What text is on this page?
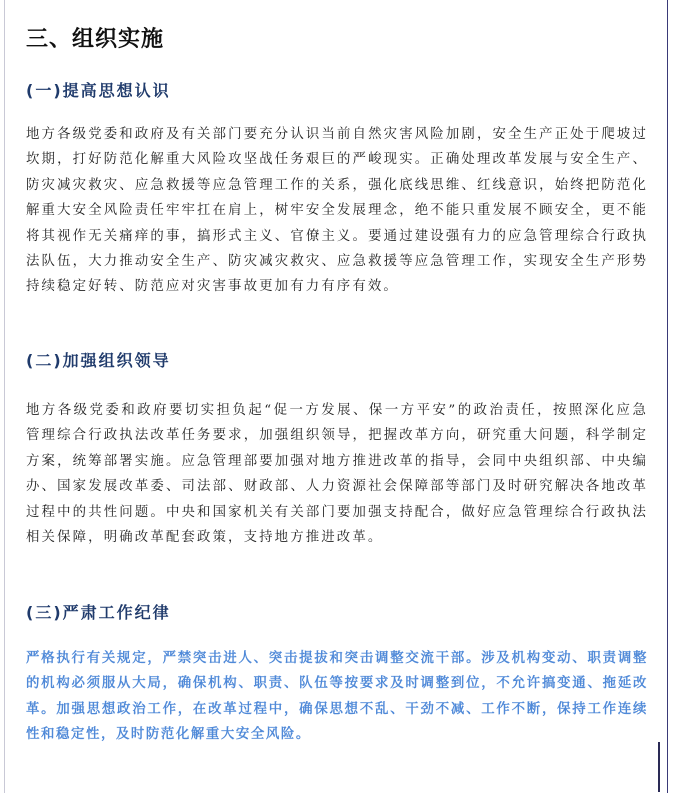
三、组织实施
(一)提高思想认识

地方各级党委和政府及有关部门要充分认识当前自然灾害风险加剧，安全生产正处于爬坡过坎期，打好防范化解重大风险攻坚战任务艰巨的严峻现实。正确处理改革发展与安全生产、防灾减灾救灾、应急救援等应急管理工作的关系，强化底线思维、红线意识，始终把防范化解重大安全风险责任牢牢扛在肩上，树牢安全发展理念，绝不能只重发展不顾安全，更不能将其视作无关痛痒的事，搞形式主义、官僚主义。要通过建设强有力的应急管理综合行政执法队伍，大力推动安全生产、防灾减灾救灾、应急救援等应急管理工作，实现安全生产形势持续稳定好转、防范应对灾害事故更加有力有序有效。

(二)加强组织领导

地方各级党委和政府要切实担负起“促一方发展、保一方平安”的政治责任，按照深化应急管理综合行政执法改革任务要求，加强组织领导，把握改革方向，研究重大问题，科学制定方案，统筹部署实施。应急管理部要加强对地方推进改革的指导，会同中央组织部、中央编办、国家发展改革委、司法部、财政部、人力资源社会保障部等部门及时研究解决各地改革过程中的共性问题。中央和国家机关有关部门要加强支持配合，做好应急管理综合行政执法相关保障，明确改革配套政策，支持地方推进改革。

(三)严肃工作纪律

严格执行有关规定，严禁突击进人、突击提拔和突击调整交流干部。涉及机构变动、职责调整的机构必须服从大局，确保机构、职责、队伍等按要求及时调整到位，不允许搞变通、拖延改革。加强思想政治工作，在改革过程中，确保思想不乱、干劲不减、工作不断，保持工作连续性和稳定性，及时防范化解重大安全风险。
